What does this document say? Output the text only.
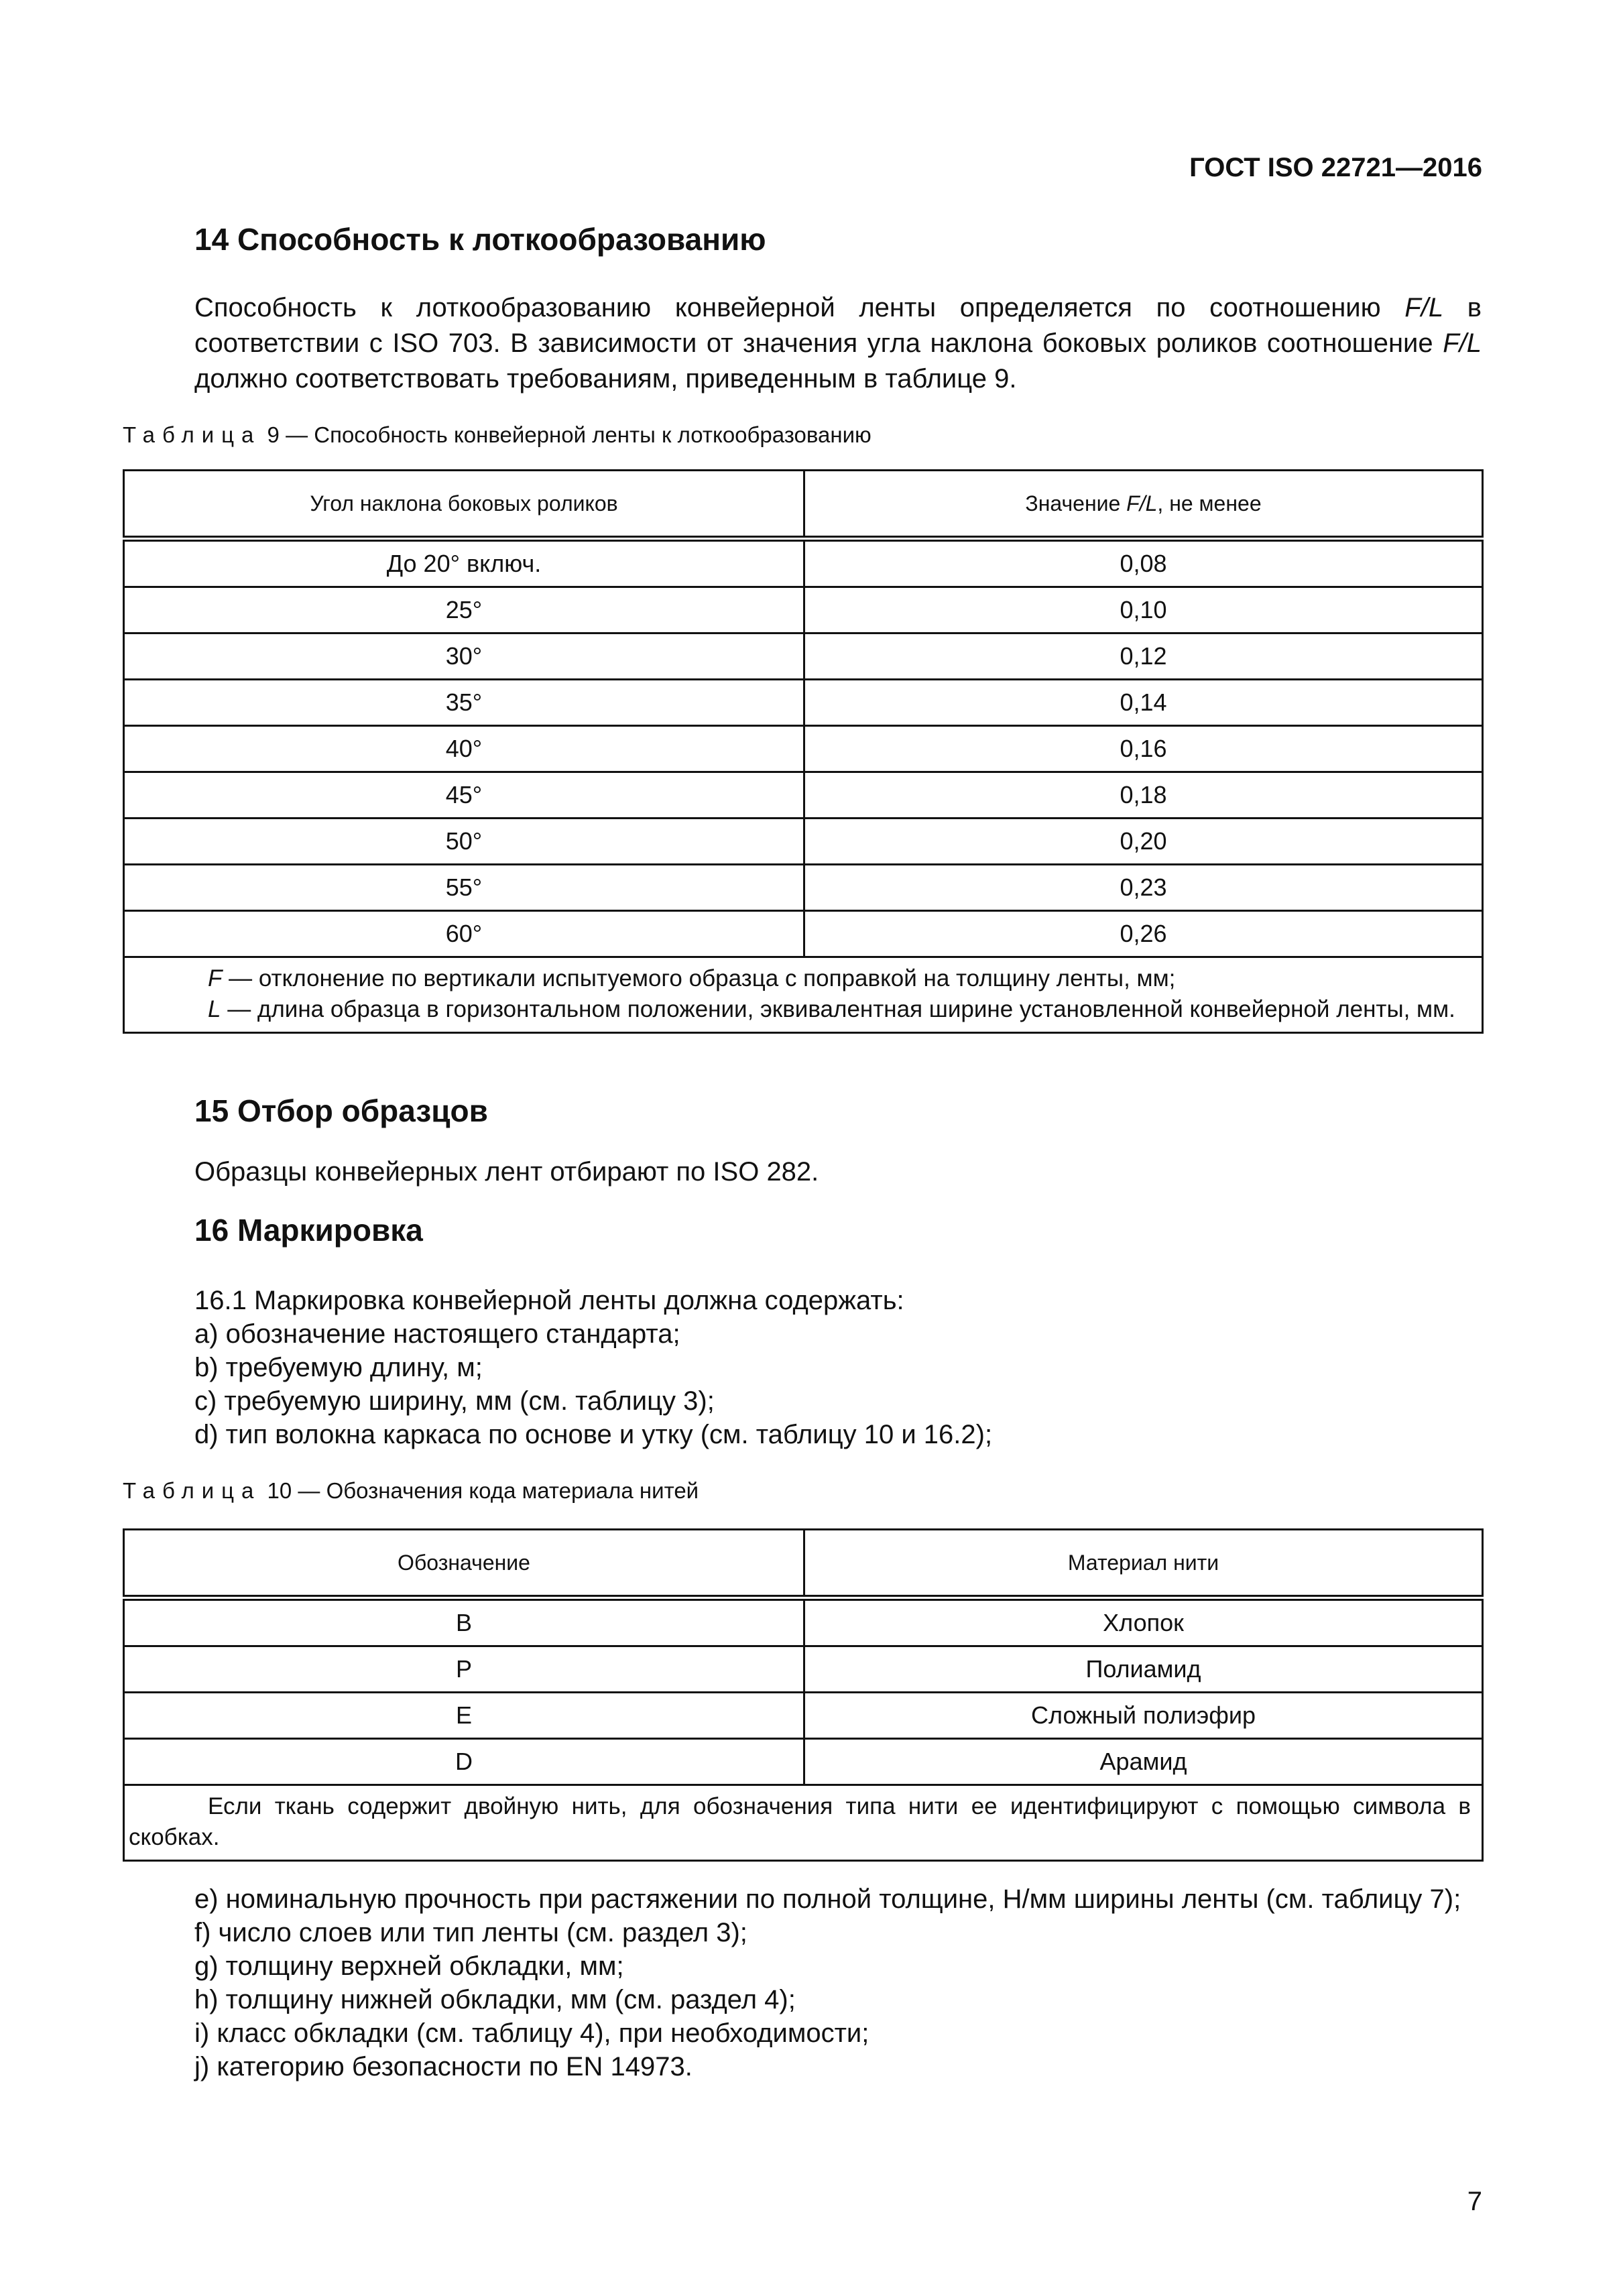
ГОСТ ISO 22721—2016
14 Способность к лоткообразованию

Способность к лоткообразованию конвейерной ленты определяется по соотношению F/L в соответствии с ISO 703. В зависимости от значения угла наклона боковых роликов соотношение F/L должно соответствовать требованиям, приведенным в таблице 9.

Таблица 9 — Способность конвейерной ленты к лоткообразованию
Угол наклона боковых роликов	Значение F/L, не менее
До 20° включ.	0,08
25°	0,10
30°	0,12
35°	0,14
40°	0,16
45°	0,18
50°	0,20
55°	0,23
60°	0,26

F — отклонение по вертикали испытуемого образца с поправкой на толщину ленты, мм;
L — длина образца в горизонтальном положении, эквивалентная ширине установленной конвейерной ленты, мм.	
15 Отбор образцов

Образцы конвейерных лент отбирают по ISO 282.

16 Маркировка
16.1 Маркировка конвейерной ленты должна содержать:
a) обозначение настоящего стандарта;
b) требуемую длину, м;
c) требуемую ширину, мм (см. таблицу 3);
d) тип волокна каркаса по основе и утку (см. таблицу 10 и 16.2);
Таблица 10 — Обозначения кода материала нитей
Обозначение	Материал нити
B	Хлопок
P	Полиамид
E	Сложный полиэфир
D	Арамид
Если ткань содержит двойную нить, для обозначения типа нити ее идентифицируют с помощью символа в скобках.	
e) номинальную прочность при растяжении по полной толщине, Н/мм ширины ленты (см. таблицу 7);
f) число слоев или тип ленты (см. раздел 3);
g) толщину верхней обкладки, мм;
h) толщину нижней обкладки, мм (см. раздел 4);
i) класс обкладки (см. таблицу 4), при необходимости;
j) категорию безопасности по EN 14973.
7
